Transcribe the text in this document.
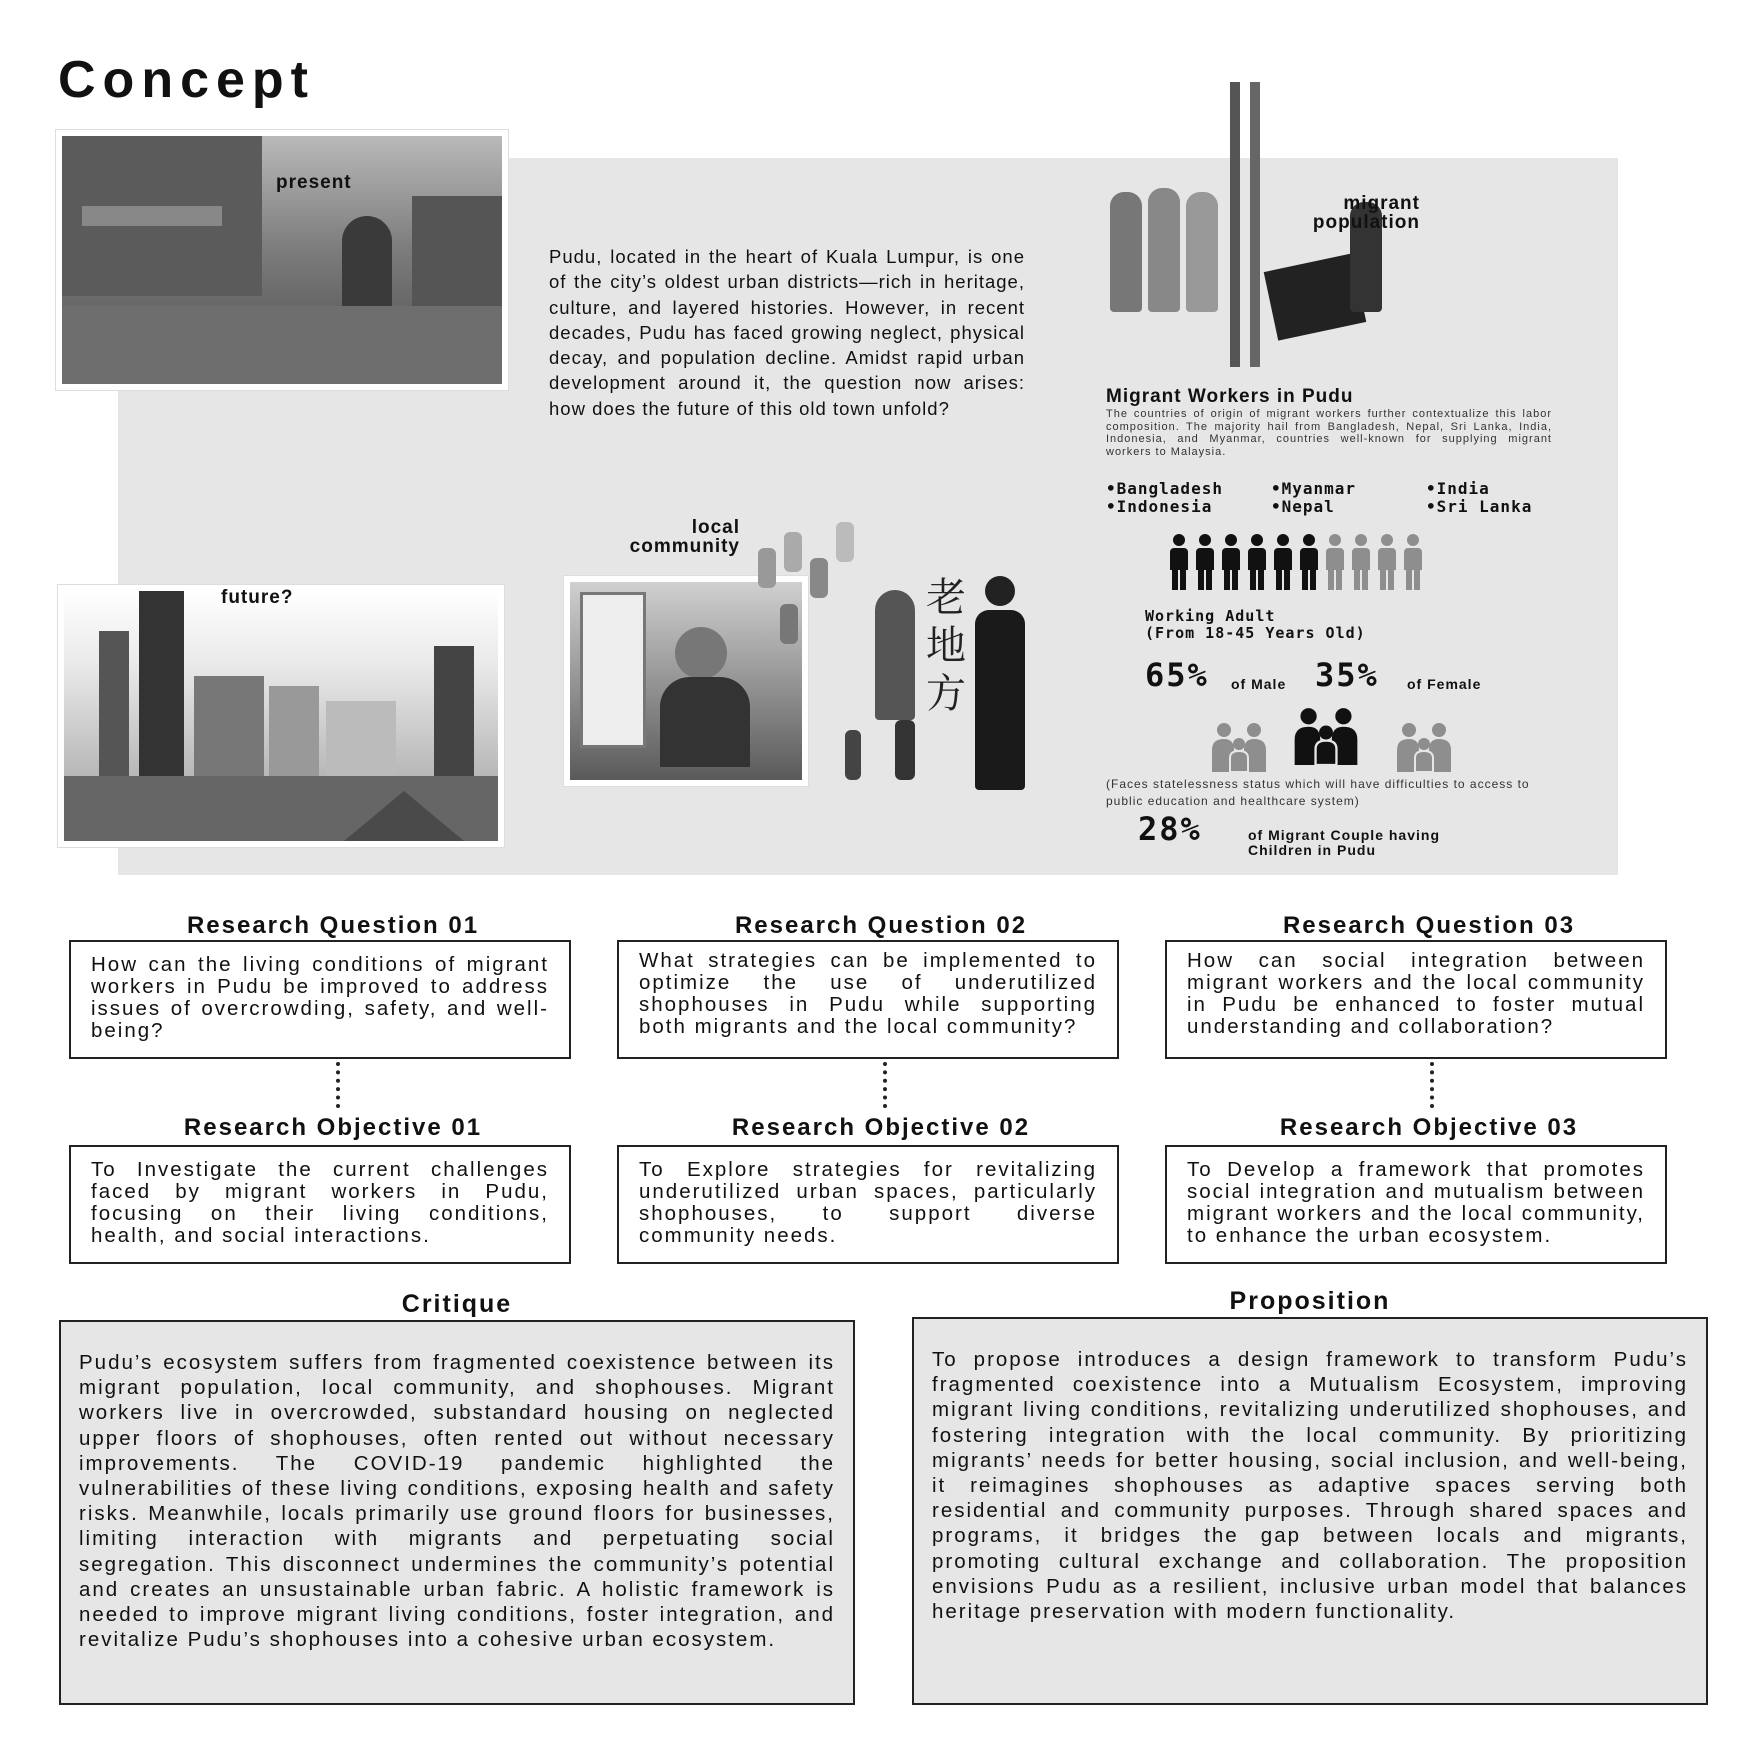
Concept
present
future?
Pudu, located in the heart of Kuala Lumpur, is one of the city’s oldest urban districts—rich in heritage, culture, and layered histories. However, in recent decades, Pudu has faced growing neglect, physical decay, and population decline. Amidst rapid urban development around it, the question now arises: how does the future of this old town unfold?
local
community
老地方
migrant
population
Migrant Workers in Pudu
The countries of origin of migrant workers further contextualize this labor composition. The majority hail from Bangladesh, Nepal, Sri Lanka, India, Indonesia, and Myanmar, countries well-known for supplying migrant workers to Malaysia.
•Bangladesh	•Myanmar	•India
•Indonesia	•Nepal	•Sri Lanka
Working Adult
(From 18-45 Years Old)
65% of Male 35% of Female
(Faces statelessness status which will have difficulties to access to public education and healthcare system)
28%	of Migrant Couple having
Children in Pudu
Research Question 01
How can the living conditions of migrant workers in Pudu be improved to address issues of overcrowding, safety, and well-being?
Research Objective 01
To Investigate the current challenges faced by migrant workers in Pudu, focusing on their living conditions, health, and social interactions.
Research Question 02
What strategies can be implemented to optimize the use of underutilized shophouses in Pudu while supporting both migrants and the local community?
Research Objective 02
To Explore strategies for revitalizing underutilized urban spaces, particularly shophouses, to support diverse community needs.
Research Question 03
How can social integration between migrant workers and the local community in Pudu be enhanced to foster mutual understanding and collaboration?
Research Objective 03
To Develop a framework that promotes social integration and mutualism between migrant workers and the local community, to enhance the urban ecosystem.
Critique
Pudu’s ecosystem suffers from fragmented coexistence between its migrant population, local community, and shophouses. Migrant workers live in overcrowded, substandard housing on neglected upper floors of shophouses, often rented out without necessary improvements. The COVID-19 pandemic highlighted the vulnerabilities of these living conditions, exposing health and safety risks. Meanwhile, locals primarily use ground floors for businesses, limiting interaction with migrants and perpetuating social segregation. This disconnect undermines the community’s potential and creates an unsustainable urban fabric. A holistic framework is needed to improve migrant living conditions, foster integration, and revitalize Pudu’s shophouses into a cohesive urban ecosystem.
Proposition
To propose introduces a design framework to transform Pudu’s fragmented coexistence into a Mutualism Ecosystem, improving migrant living conditions, revitalizing underutilized shophouses, and fostering integration with the local community. By prioritizing migrants’ needs for better housing, social inclusion, and well-being, it reimagines shophouses as adaptive spaces serving both residential and community purposes. Through shared spaces and programs, it bridges the gap between locals and migrants, promoting cultural exchange and collaboration. The proposition envisions Pudu as a resilient, inclusive urban model that balances heritage preservation with modern functionality.
